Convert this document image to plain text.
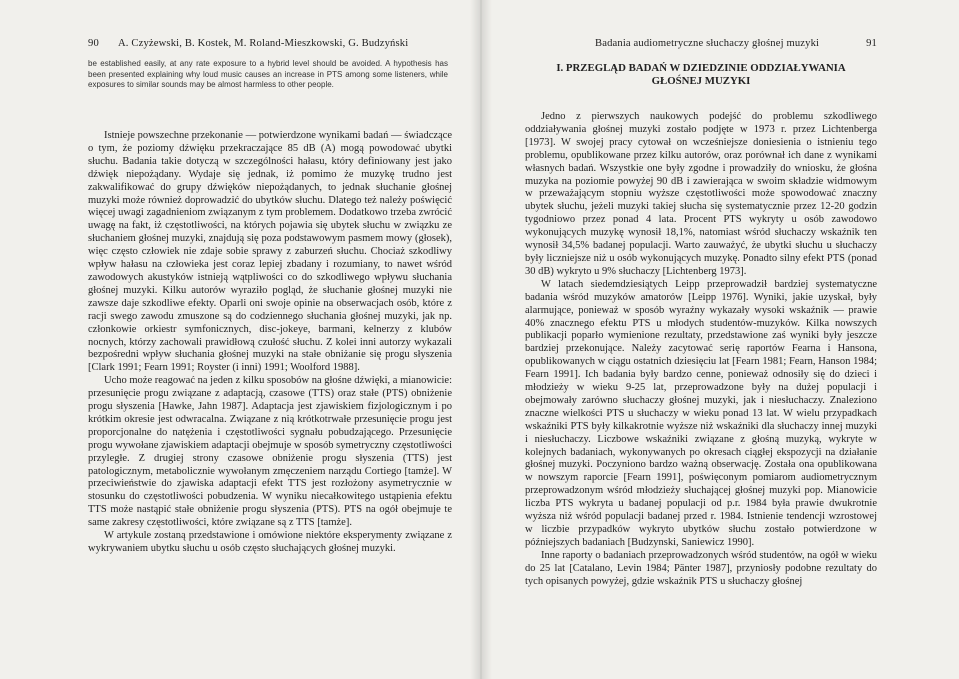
90 A. Czyżewski, B. Kostek, M. Roland-Mieszkowski, G. Budzyński
be established easily, at any rate exposure to a hybrid level should be avoided. A hypothesis has been presented explaining why loud music causes an increase in PTS among some listeners, while exposures to similar sounds may be almost harmless to other people.

Istnieje powszechne przekonanie — potwierdzone wynikami badań — świadczące o tym, że poziomy dźwięku przekraczające 85 dB (A) mogą powodować ubytki słuchu. Badania takie dotyczą w szczególności hałasu, który definiowany jest jako dźwięk niepożądany. Wydaje się jednak, iż pomimo że muzykę trudno jest zakwalifikować do grupy dźwięków niepożądanych, to jednak słuchanie głośnej muzyki może również doprowadzić do ubytków słuchu. Dlatego też należy poświęcić więcej uwagi zagadnieniom związanym z tym problemem. Dodatkowo trzeba zwrócić uwagę na fakt, iż częstotliwości, na których pojawia się ubytek słuchu w związku ze słuchaniem głośnej muzyki, znajdują się poza podstawowym pasmem mowy (głosek), więc często człowiek nie zdaje sobie sprawy z zaburzeń słuchu. Chociaż szkodliwy wpływ hałasu na człowieka jest coraz lepiej zbadany i rozumiany, to nawet wśród zawodowych akustyków istnieją wątpliwości co do szkodliwego wpływu słuchania głośnej muzyki. Kilku autorów wyraziło pogląd, że słuchanie głośnej muzyki nie zawsze daje szkodliwe efekty. Oparli oni swoje opinie na obserwacjach osób, które z racji swego zawodu zmuszone są do codziennego słuchania głośnej muzyki, jak np. członkowie orkiestr symfonicznych, disc-jokeye, barmani, kelnerzy z klubów nocnych, którzy zachowali prawidłową czułość słuchu. Z kolei inni autorzy wykazali bezpośredni wpływ słuchania głośnej muzyki na stałe obniżanie się progu słyszenia [Clark 1991; Fearn 1991; Royster (i inni) 1991; Woolford 1988].

Ucho może reagować na jeden z kilku sposobów na głośne dźwięki, a mianowicie: przesunięcie progu związane z adaptacją, czasowe (TTS) oraz stałe (PTS) obniżenie progu słyszenia [Hawke, Jahn 1987]. Adaptacja jest zjawiskiem fizjologicznym i po krótkim okresie jest odwracalna. Związane z nią krótkotrwałe przesunięcie progu jest proporcjonalne do natężenia i częstotliwości sygnału pobudzającego. Przesunięcie progu wywołane zjawiskiem adaptacji obejmuje w sposób symetryczny częstotliwości przyległe. Z drugiej strony czasowe obniżenie progu słyszenia (TTS) jest patologicznym, metabolicznie wywołanym zmęczeniem narządu Cortiego [tamże]. W przeciwieństwie do zjawiska adaptacji efekt TTS jest rozłożony asymetrycznie w stosunku do częstotliwości pobudzenia. W wyniku niecałkowitego ustąpienia efektu TTS może nastąpić stałe obniżenie progu słyszenia (PTS). PTS na ogół obejmuje te same zakresy częstotliwości, które związane są z TTS [tamże].

W artykule zostaną przedstawione i omówione niektóre eksperymenty związane z wykrywaniem ubytku słuchu u osób często słuchających głośnej muzyki.

Badania audiometryczne słuchaczy głośnej muzyki	91
I. PRZEGLĄD BADAŃ W DZIEDZINIE ODDZIAŁYWANIA
GŁOŚNEJ MUZYKI

Jedno z pierwszych naukowych podejść do problemu szkodliwego oddziaływania głośnej muzyki zostało podjęte w 1973 r. przez Lichtenberga [1973]. W swojej pracy cytował on wcześniejsze doniesienia o istnieniu tego problemu, opublikowane przez kilku autorów, oraz porównał ich dane z wynikami własnych badań. Wszystkie one były zgodne i prowadziły do wniosku, że głośna muzyka na poziomie powyżej 90 dB i zawierająca w swoim składzie widmowym w przeważającym stopniu wyższe częstotliwości może spowodować znaczny ubytek słuchu, jeżeli muzyki takiej słucha się systematycznie przez 12-20 godzin tygodniowo przez ponad 4 lata. Procent PTS wykryty u osób zawodowo wykonujących muzykę wynosił 18,1%, natomiast wśród słuchaczy wskaźnik ten wynosił 34,5% badanej populacji. Warto zauważyć, że ubytki słuchu u słuchaczy były liczniejsze niż u osób wykonujących muzykę. Ponadto silny efekt PTS (ponad 30 dB) wykryto u 9% słuchaczy [Lichtenberg 1973].

W latach siedemdziesiątych Leipp przeprowadził bardziej systematyczne badania wśród muzyków amatorów [Leipp 1976]. Wyniki, jakie uzyskał, były alarmujące, ponieważ w sposób wyraźny wykazały wysoki wskaźnik — prawie 40% znacznego efektu PTS u młodych studentów-muzyków. Kilka nowszych publikacji poparło wymienione rezultaty, przedstawione zaś wyniki były jeszcze bardziej przekonujące. Należy zacytować serię raportów Fearna i Hansona, opublikowanych w ciągu ostatnich dziesięciu lat [Fearn 1981; Fearn, Hanson 1984; Fearn 1991]. Ich badania były bardzo cenne, ponieważ odnosiły się do dzieci i młodzieży w wieku 9-25 lat, przeprowadzone były na dużej populacji i obejmowały zarówno słuchaczy głośnej muzyki, jak i niesłuchaczy. Znaleziono znaczne wielkości PTS u słuchaczy w wieku ponad 13 lat. W wielu przypadkach wskaźniki PTS były kilkakrotnie wyższe niż wskaźniki dla słuchaczy innej muzyki i niesłuchaczy. Liczbowe wskaźniki związane z głośną muzyką, wykryte w kolejnych badaniach, wykonywanych po okresach ciągłej ekspozycji na działanie głośnej muzyki. Poczyniono bardzo ważną obserwację. Została ona opublikowana w nowszym raporcie [Fearn 1991], poświęconym pomiarom audiometrycznym przeprowadzonym wśród młodzieży słuchającej głośnej muzyki pop. Mianowicie liczba PTS wykryta u badanej populacji od p.r. 1984 była prawie dwukrotnie wyższa niż wśród populacji badanej przed r. 1984. Istnienie tendencji wzrostowej w liczbie przypadków wykryto ubytków słuchu zostało potwierdzone w późniejszych badaniach [Budzynski, Saniewicz 1990].

Inne raporty o badaniach przeprowadzonych wśród studentów, na ogół w wieku do 25 lat [Catalano, Levin 1984; Pänter 1987], przyniosły podobne rezultaty do tych opisanych powyżej, gdzie wskaźnik PTS u słuchaczy głośnej
